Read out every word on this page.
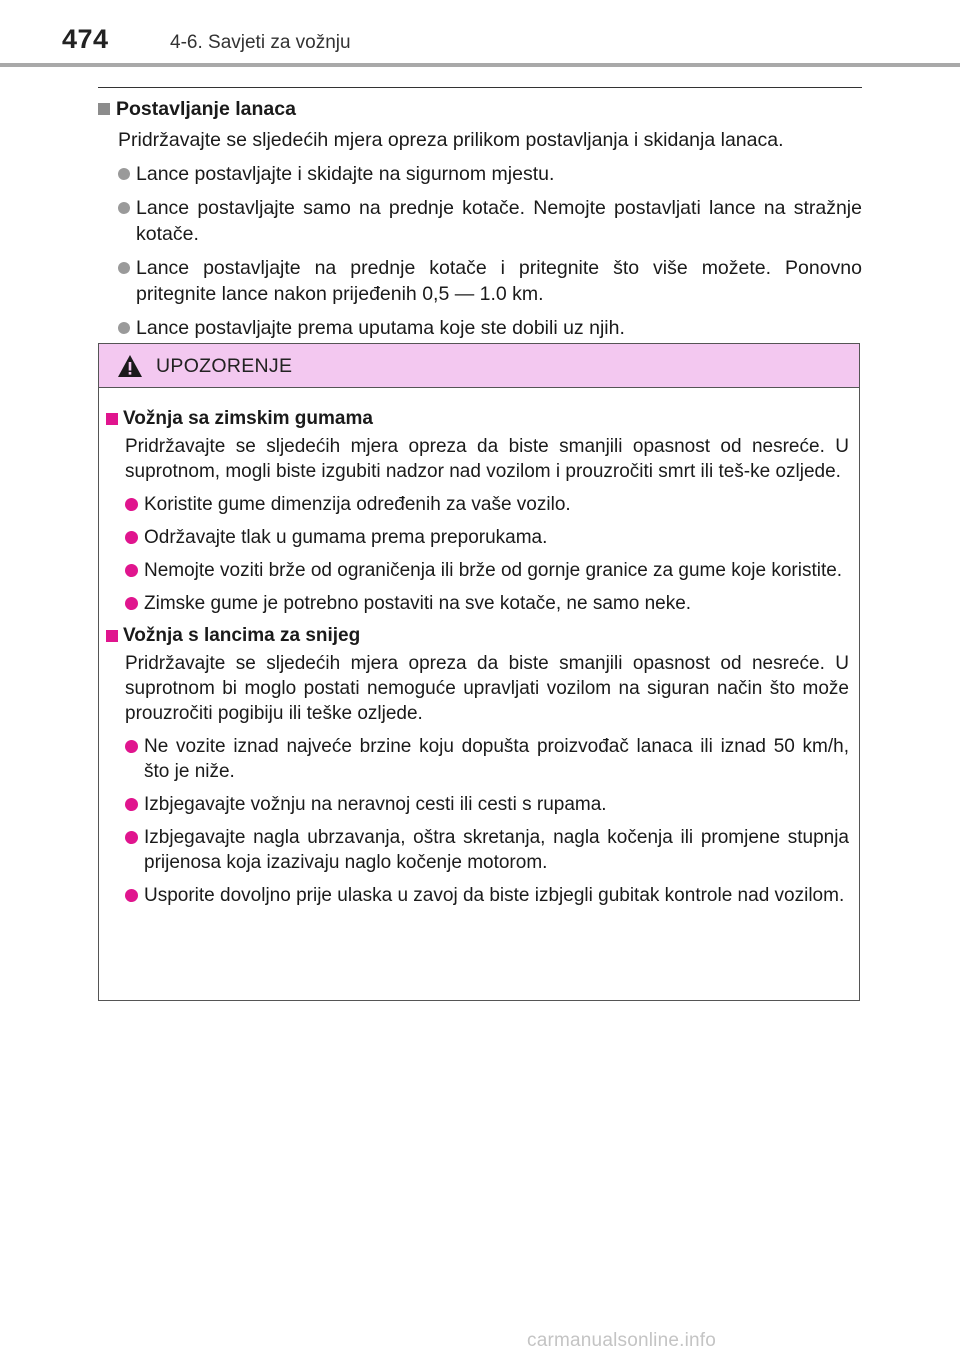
474	4-6. Savjeti za vožnju
Postavljanje lanaca
Pridržavajte se sljedećih mjera opreza prilikom postavljanja i skidanja lanaca.
Lance postavljajte i skidajte na sigurnom mjestu.
Lance postavljajte samo na prednje kotače. Nemojte postavljati lance na stražnje kotače.
Lance postavljajte na prednje kotače i pritegnite što više možete. Ponovno pritegnite lance nakon prijeđenih 0,5 — 1.0 km.
Lance postavljajte prema uputama koje ste dobili uz njih.
UPOZORENJE
Vožnja sa zimskim gumama
Pridržavajte se sljedećih mjera opreza da biste smanjili opasnost od nesreće. U suprotnom, mogli biste izgubiti nadzor nad vozilom i prouzročiti smrt ili teš-ke ozljede.
Koristite gume dimenzija određenih za vaše vozilo.
Održavajte tlak u gumama prema preporukama.
Nemojte voziti brže od ograničenja ili brže od gornje granice za gume koje koristite.
Zimske gume je potrebno postaviti na sve kotače, ne samo neke.
Vožnja s lancima za snijeg
Pridržavajte se sljedećih mjera opreza da biste smanjili opasnost od nesreće. U suprotnom bi moglo postati nemoguće upravljati vozilom na siguran način što može prouzročiti pogibiju ili teške ozljede.
Ne vozite iznad najveće brzine koju dopušta proizvođač lanaca ili iznad 50 km/h, što je niže.
Izbjegavajte vožnju na neravnoj cesti ili cesti s rupama.
Izbjegavajte nagla ubrzavanja, oštra skretanja, nagla kočenja ili promjene stupnja prijenosa koja izazivaju naglo kočenje motorom.
Usporite dovoljno prije ulaska u zavoj da biste izbjegli gubitak kontrole nad vozilom.
carmanualsonline.info
